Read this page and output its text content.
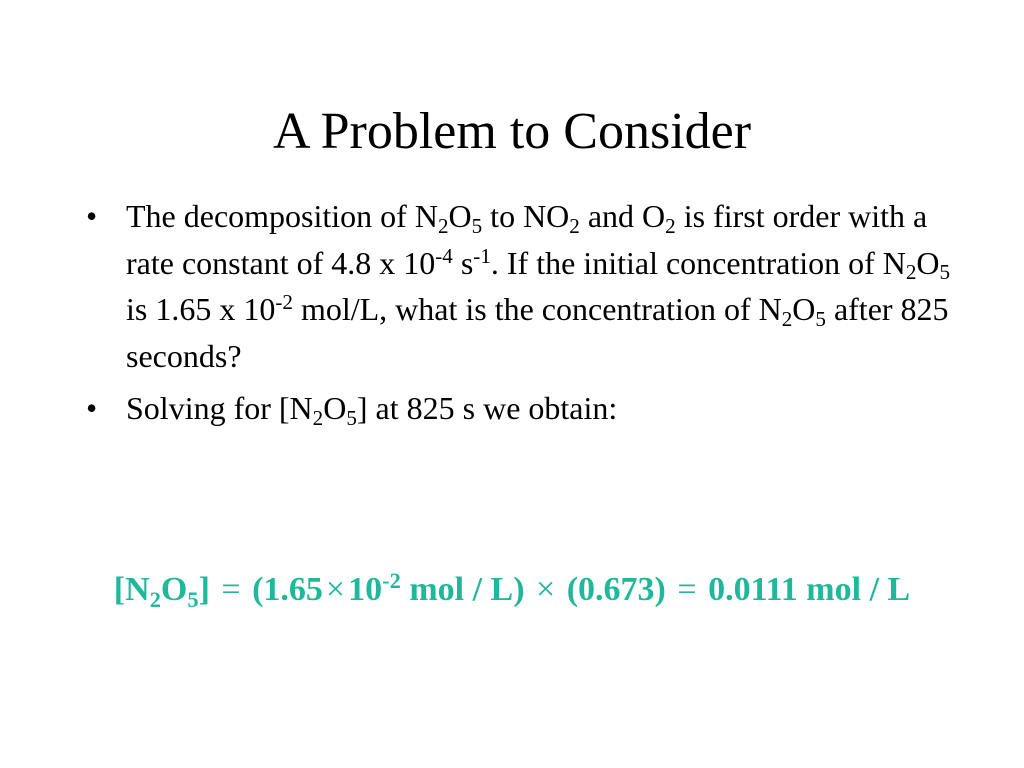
A Problem to Consider
• The decomposition of $N_2O_5$ to $NO_2$ and $O_2$ is first order with a rate constant of 4.8 x $10^{-4}$ $s^{-1}$. If the initial concentration of $N_2O_5$ is 1.65 x $10^{-2}$ mol/L, what is the concentration of $N_2O_5$ after 825 seconds?
• Solving for $[N_2O_5]$ at 825 s we obtain:
$[N_2O_5] = (1.65\times 10^{-2}$ mol / L) × (0.673) = 0.0111 mol / L
